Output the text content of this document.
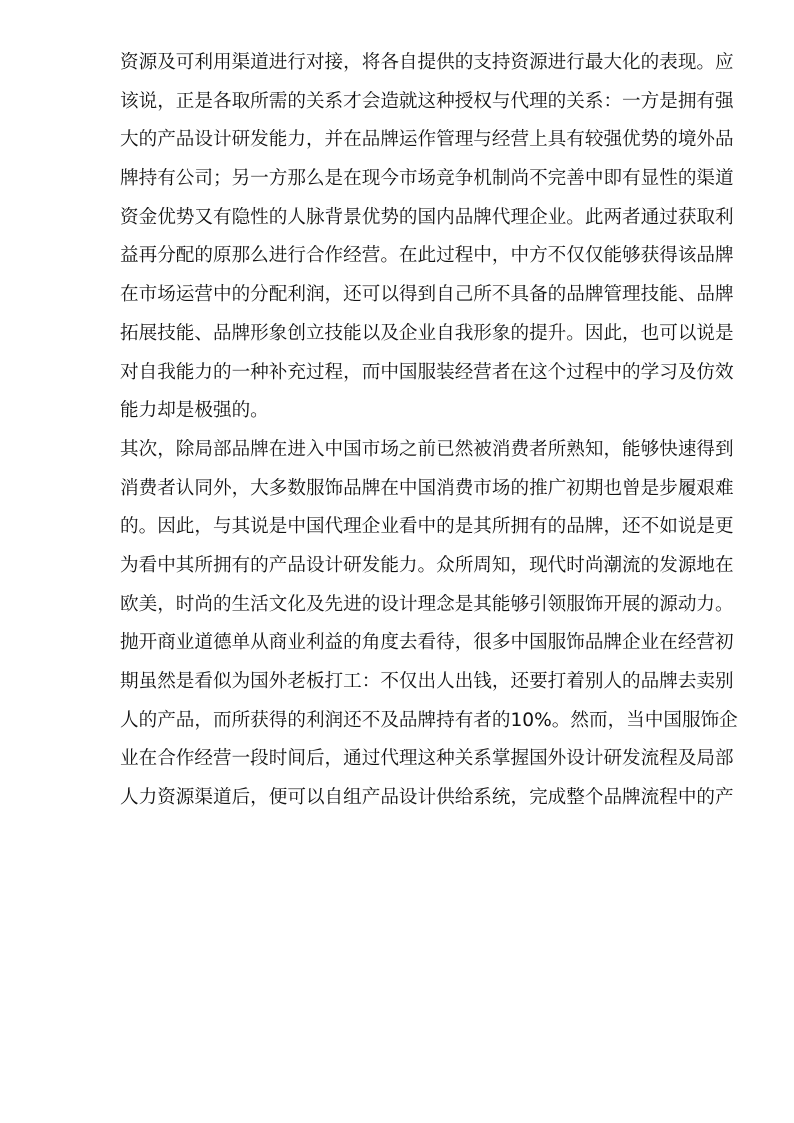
资源及可利用渠道进行对接，将各自提供的支持资源进行最大化的表现。应
该说，正是各取所需的关系才会造就这种授权与代理的关系：一方是拥有强
大的产品设计研发能力，并在品牌运作管理与经营上具有较强优势的境外品
牌持有公司；另一方那么是在现今市场竞争机制尚不完善中即有显性的渠道
资金优势又有隐性的人脉背景优势的国内品牌代理企业。此两者通过获取利
益再分配的原那么进行合作经营。在此过程中，中方不仅仅能够获得该品牌
在市场运营中的分配利润，还可以得到自己所不具备的品牌管理技能、品牌
拓展技能、品牌形象创立技能以及企业自我形象的提升。因此，也可以说是
对自我能力的一种补充过程，而中国服装经营者在这个过程中的学习及仿效
能力却是极强的。
其次，除局部品牌在进入中国市场之前已然被消费者所熟知，能够快速得到
消费者认同外，大多数服饰品牌在中国消费市场的推广初期也曾是步履艰难
的。因此，与其说是中国代理企业看中的是其所拥有的品牌，还不如说是更
为看中其所拥有的产品设计研发能力。众所周知，现代时尚潮流的发源地在
欧美，时尚的生活文化及先进的设计理念是其能够引领服饰开展的源动力。
抛开商业道德单从商业利益的角度去看待，很多中国服饰品牌企业在经营初
期虽然是看似为国外老板打工：不仅出人出钱，还要打着别人的品牌去卖别
人的产品，而所获得的利润还不及品牌持有者的10%。然而，当中国服饰企
业在合作经营一段时间后，通过代理这种关系掌握国外设计研发流程及局部
人力资源渠道后，便可以自组产品设计供给系统，完成整个品牌流程中的产
